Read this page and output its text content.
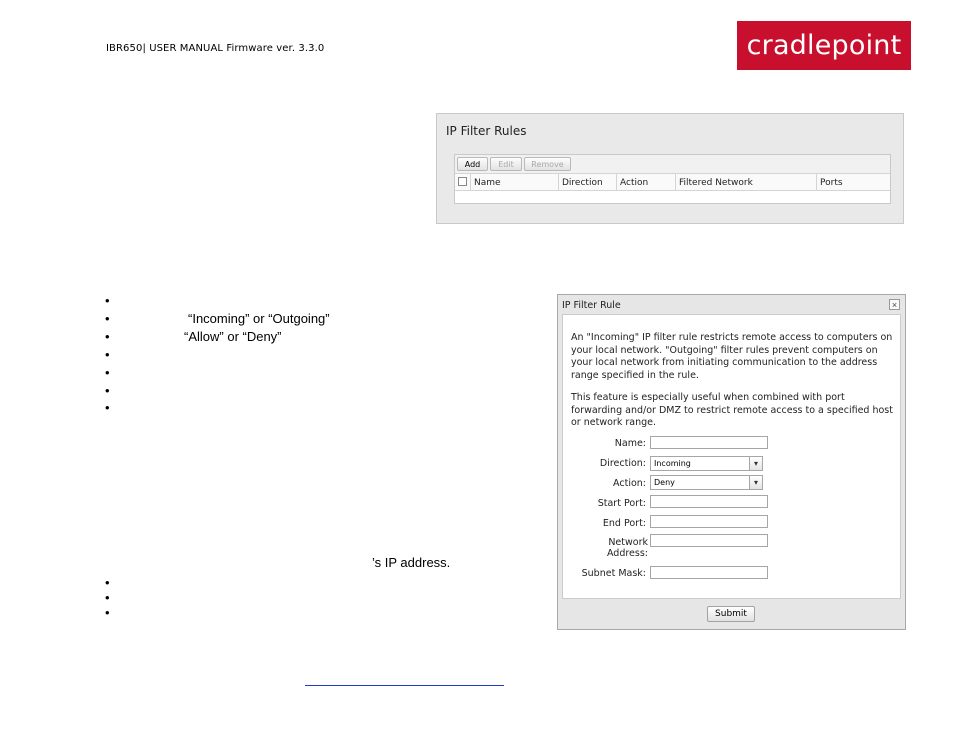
IBR650| USER MANUAL Firmware ver. 3.3.0	cradlepoint
IP Filter Rules
Add	Edit	Remove
Name	Direction Action	Filtered Network	Ports
•
•	“Incoming” or “Outgoing”
•	“Allow” or “Deny”
•
•
•
•
’s IP address.
•
•
•
IP Filter Rule	×
An "Incoming" IP filter rule restricts remote access to computers on your local network. "Outgoing" filter rules prevent computers on your local network from initiating communication to the address range specified in the rule.
This feature is especially useful when combined with port forwarding and/or DMZ to restrict remote access to a specified host or network range.
Name:
Direction:	Incoming	▾
Action:	Deny	▾
Start Port:
End Port:
Network Address:
Subnet Mask:
Submit
